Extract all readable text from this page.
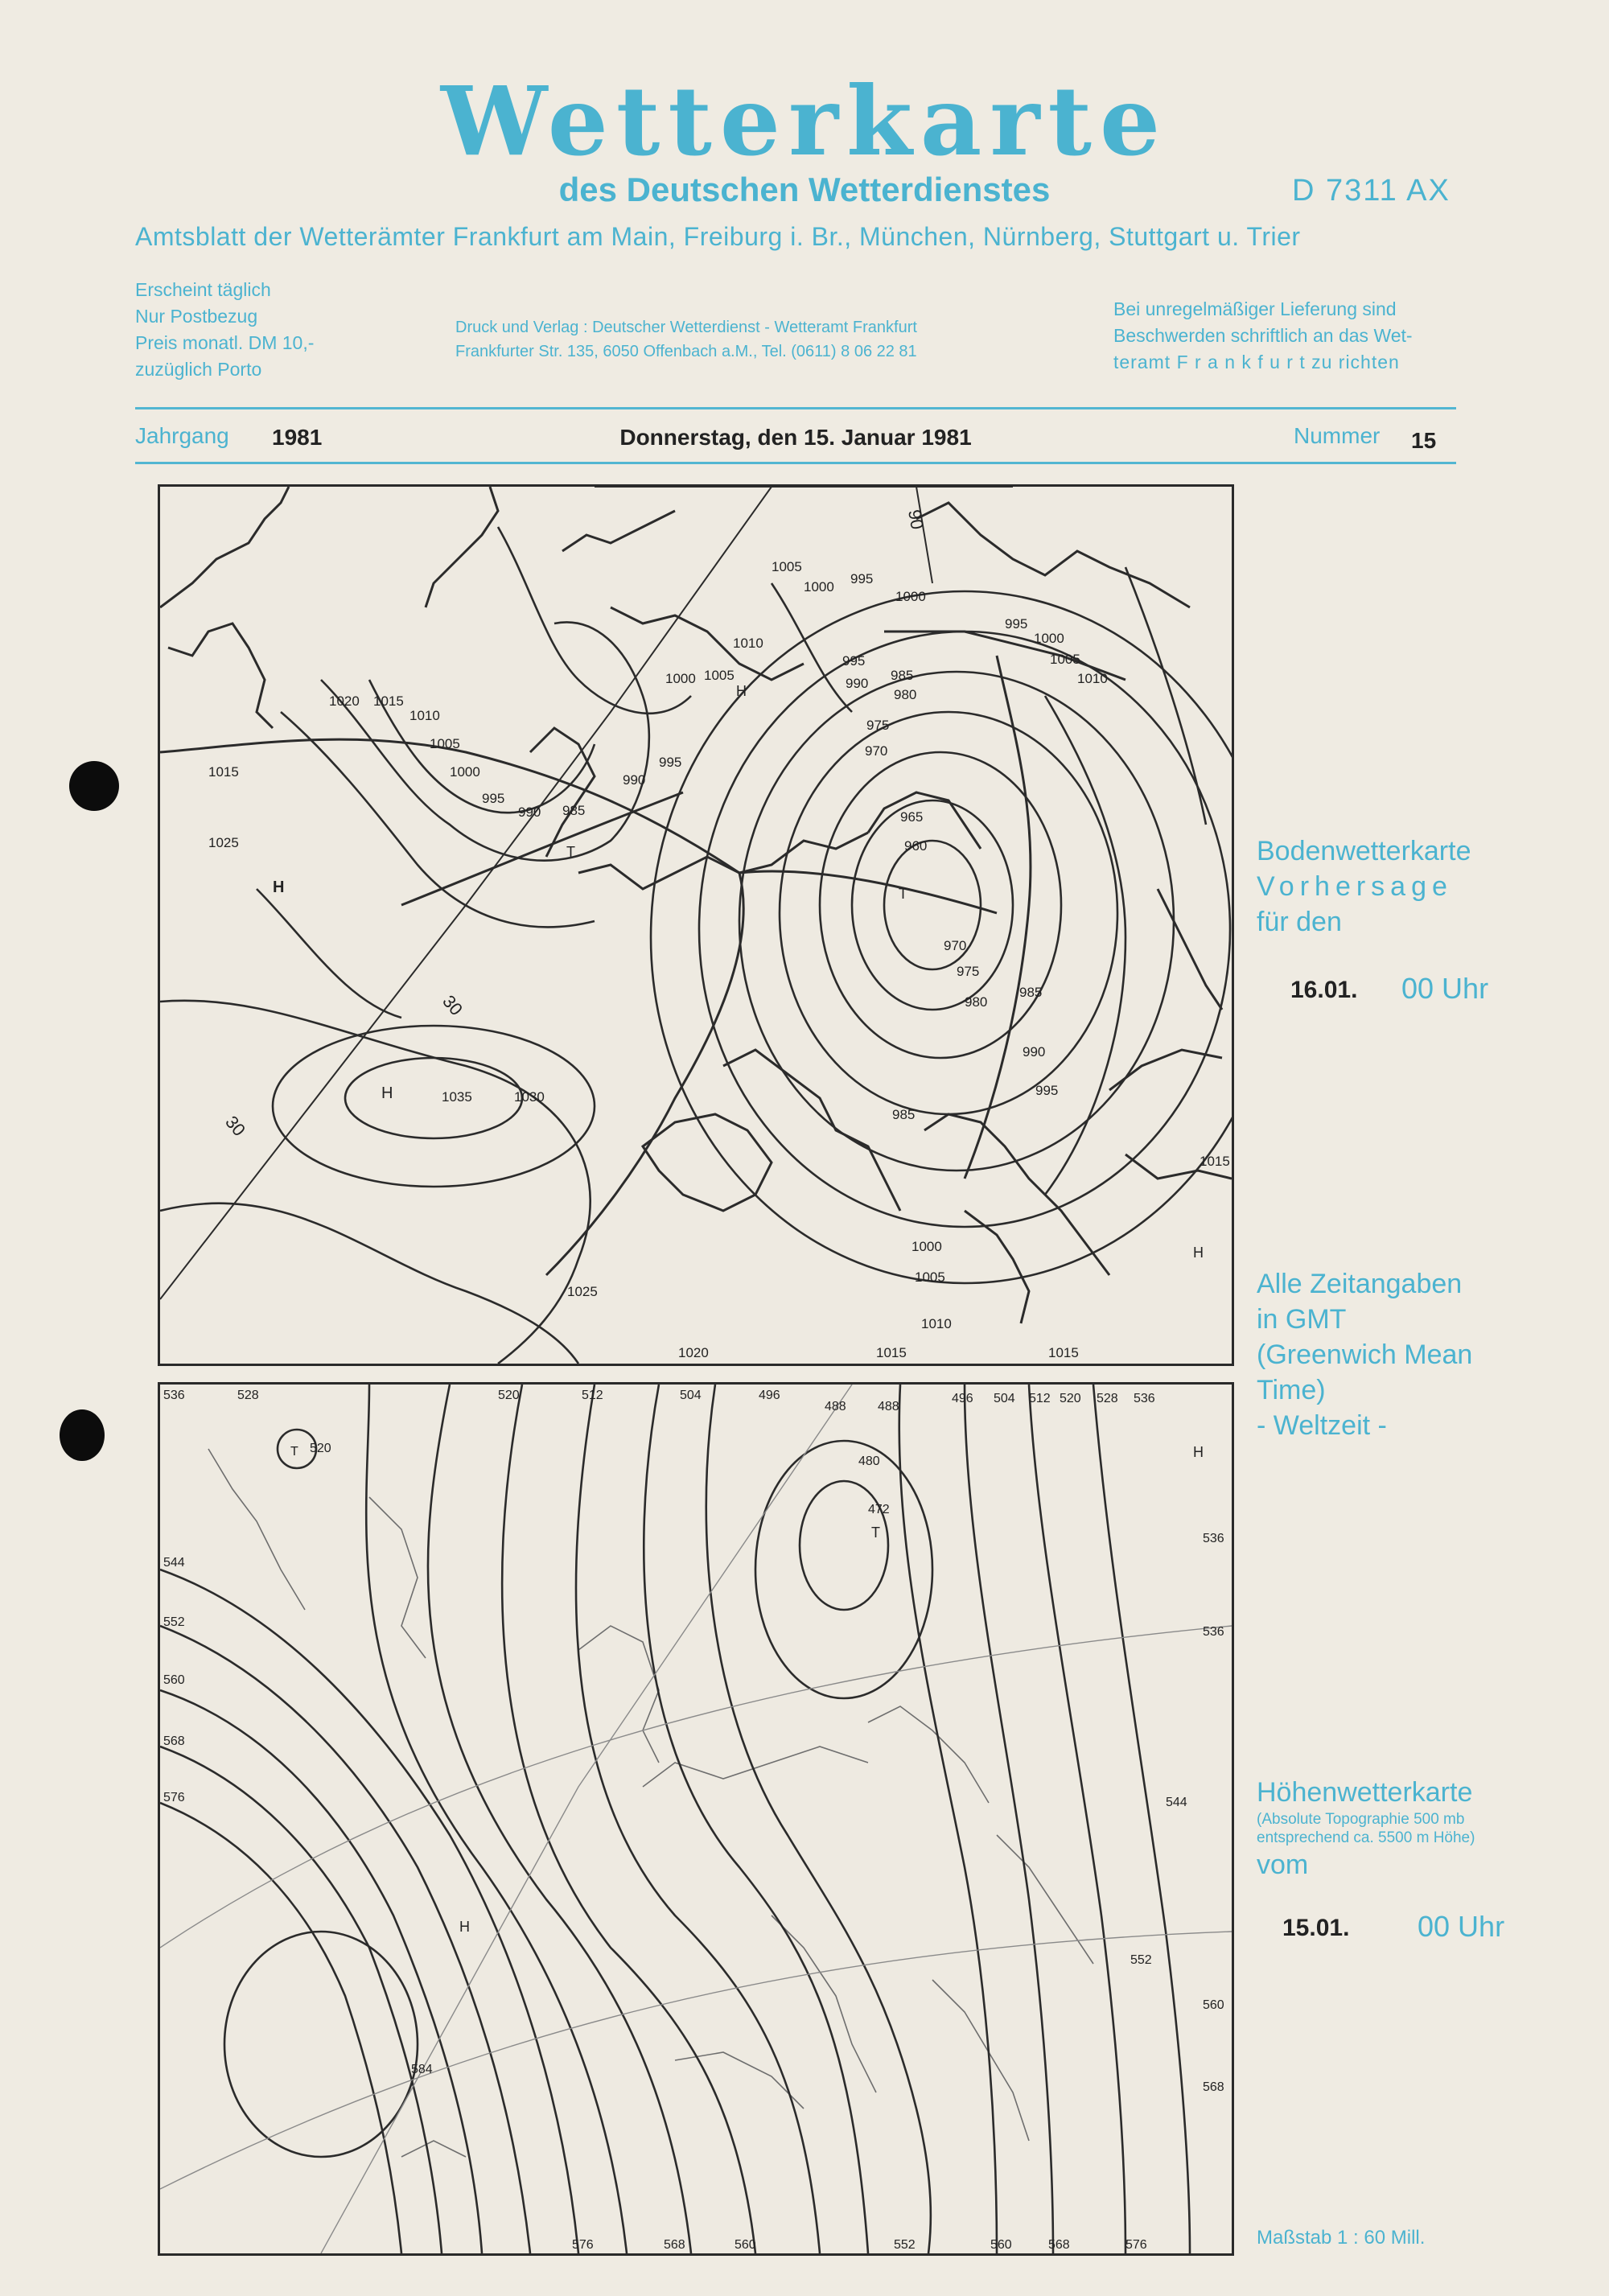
Wetterkarte
des Deutschen Wetterdienstes	D 7311 AX
Amtsblatt der Wetterämter Frankfurt am Main, Freiburg i. Br., München, Nürnberg, Stuttgart u. Trier
Erscheint täglich
Nur Postbezug
Preis monatl. DM 10,-
zuzüglich Porto
Druck und Verlag : Deutscher Wetterdienst - Wetteramt Frankfurt
Frankfurter Str. 135, 6050 Offenbach a.M., Tel. (0611) 8 06 22 81
Bei unregelmäßiger Lieferung sind
Beschwerden schriftlich an das Wet-
teramt F r a n k f u r t zu richten
Jahrgang 1981	Donnerstag, den 15. Januar 1981	Nummer 15
H
H	1035	1030
1025
1020
1015
1015
1010
1005
1000
995
990 985
T
995
990
1005
1000
995
1000
1010
1000 1005
H
995
990
985
980
975
970
965
960
T
970
975
980
985
990
995
985
995
1000
1005
1010
1015
H
1000
1005
1010
1025
1020	1015	1015
30
30
90
536	528	520	512	504	496
488 488
496 504 512 520 528 536
544
552
560
568
576
536
536
544
552
560
568
576	568	560	552	560	568	576
480
472
T
H
H
584
520
T
Bodenwetterkarte
Vorhersage
für den
16.01. 00 Uhr
Alle Zeitangaben
in GMT
(Greenwich Mean
Time)
- Weltzeit -
Höhenwetterkarte
(Absolute Topographie 500 mb
entsprechend ca. 5500 m Höhe)
vom
15.01. 00 Uhr
Maßstab 1 : 60 Mill.
